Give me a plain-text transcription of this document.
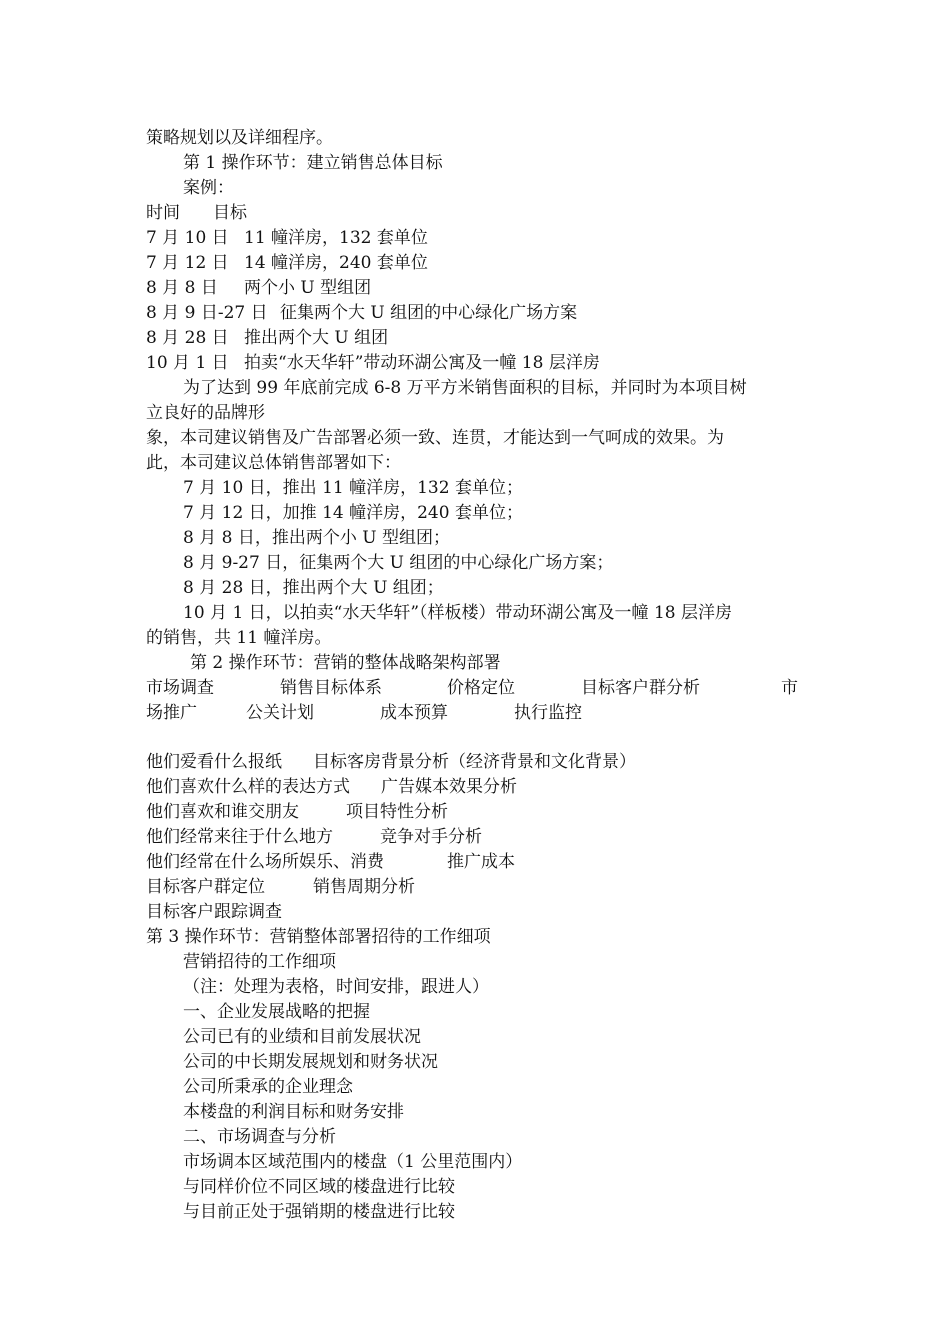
策略规划以及详细程序。
第 1 操作环节：建立销售总体目标
案例：
时间 目标
7 月 10 日 11 幢洋房，132 套单位
7 月 12 日 14 幢洋房，240 套单位
8 月 8 日 两个小 U 型组团
8 月 9 日-27 日 征集两个大 U 组团的中心绿化广场方案
8 月 28 日 推出两个大 U 组团
10 月 1 日 拍卖“水天华轩”带动环湖公寓及一幢 18 层洋房
为了达到 99 年底前完成 6-8 万平方米销售面积的目标，并同时为本项目树
立良好的品牌形
象，本司建议销售及广告部署必须一致、连贯，才能达到一气呵成的效果。为
此，本司建议总体销售部署如下：
7 月 10 日，推出 11 幢洋房，132 套单位；
7 月 12 日，加推 14 幢洋房，240 套单位；
8 月 8 日，推出两个小 U 型组团；
8 月 9-27 日，征集两个大 U 组团的中心绿化广场方案；
8 月 28 日，推出两个大 U 组团；
10 月 1 日，以拍卖“水天华轩”（样板楼）带动环湖公寓及一幢 18 层洋房
的销售，共 11 幢洋房。
第 2 操作环节：营销的整体战略架构部署
市场调查	销售目标体系	价格定位	目标客户群分析	市
场推广	公关计划	成本预算	执行监控
他们爱看什么报纸 目标客房背景分析（经济背景和文化背景）
他们喜欢什么样的表达方式 广告媒本效果分析
他们喜欢和谁交朋友	项目特性分析
他们经常来往于什么地方	竞争对手分析
他们经常在什么场所娱乐、消费	推广成本
目标客户群定位	销售周期分析
目标客户跟踪调查
第 3 操作环节：营销整体部署招待的工作细项
营销招待的工作细项
（注：处理为表格，时间安排，跟进人）
一、企业发展战略的把握
公司已有的业绩和目前发展状况
公司的中长期发展规划和财务状况
公司所秉承的企业理念
本楼盘的利润目标和财务安排
二、市场调查与分析
市场调本区域范围内的楼盘（1 公里范围内）
与同样价位不同区域的楼盘进行比较
与目前正处于强销期的楼盘进行比较
